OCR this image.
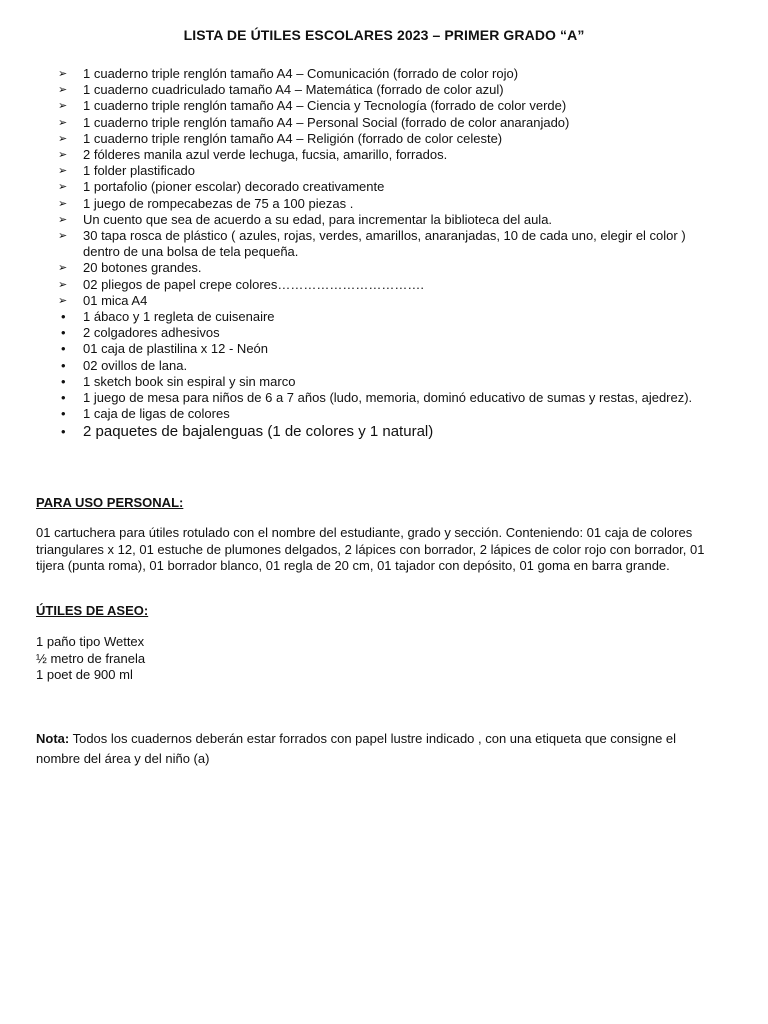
LISTA DE ÚTILES ESCOLARES 2023 – PRIMER GRADO “A”
➢	1 cuaderno triple renglón tamaño A4 – Comunicación (forrado de color rojo)
➢	1 cuaderno cuadriculado tamaño A4 – Matemática (forrado de color azul)
➢	1 cuaderno triple renglón tamaño A4 – Ciencia y Tecnología (forrado de color verde)
➢	1 cuaderno triple renglón tamaño A4 – Personal Social (forrado de color anaranjado)
➢	1 cuaderno triple renglón tamaño A4 – Religión (forrado de color celeste)
➢	2 fólderes manila azul verde lechuga, fucsia, amarillo, forrados.
➢	1 folder plastificado
➢	1 portafolio (pioner escolar) decorado creativamente
➢	1 juego de rompecabezas de 75 a 100 piezas .
➢	Un cuento que sea de acuerdo a su edad, para incrementar la biblioteca del aula.
➢	30 tapa rosca de plástico ( azules, rojas, verdes, amarillos, anaranjadas, 10 de cada uno, elegir el color ) dentro de una bolsa de tela pequeña.
➢	20 botones grandes.
➢	02 pliegos de papel crepe colores…………………………….
➢	01 mica A4
•	1 ábaco y 1 regleta de cuisenaire
•	2 colgadores adhesivos
•	01 caja de plastilina x 12 - Neón
•	02 ovillos de lana.
•	1 sketch book sin espiral y sin marco
•	1 juego de mesa para niños de 6 a 7 años (ludo, memoria, dominó educativo de sumas y restas, ajedrez).
•	1 caja de ligas de colores
•	2 paquetes de bajalenguas (1 de colores y 1 natural)
PARA USO PERSONAL:
01 cartuchera para útiles rotulado con el nombre del estudiante, grado y sección. Conteniendo: 01 caja de colores triangulares x 12, 01 estuche de plumones delgados, 2 lápices con borrador, 2 lápices de color rojo con borrador, 01 tijera (punta roma), 01 borrador blanco, 01 regla de 20 cm, 01 tajador con depósito, 01 goma en barra grande.
ÚTILES DE ASEO:
1 paño tipo Wettex
½ metro de franela
1 poet de 900 ml
Nota: Todos los cuadernos deberán estar forrados con papel lustre indicado , con una etiqueta que consigne el nombre del área y del niño (a)
